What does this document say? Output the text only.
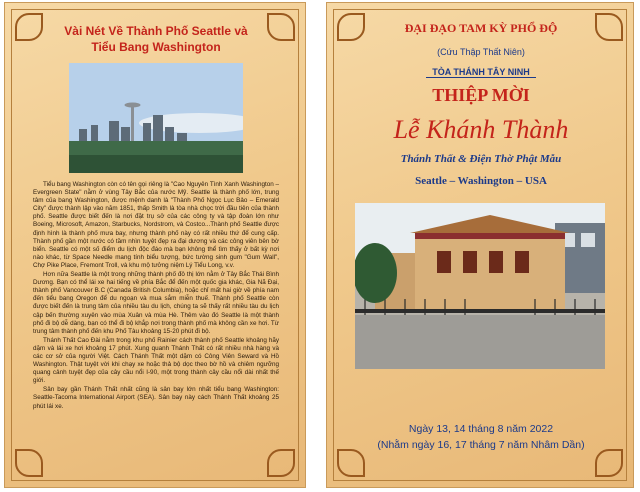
Vài Nét Về Thành Phố Seattle và
Tiểu Bang Washington

Tiểu bang Washington còn có tên gọi riêng là "Cao Nguyên Tình Xanh Washington – Evergreen State" nằm ở vùng Tây Bắc của nước Mỹ. Seattle là thành phố lớn, trung tâm của bang Washington, được mệnh danh là "Thành Phố Ngọc Lục Bảo – Emerald City" được thành lập vào năm 1851, thấp Smith là tòa nhà chọc trời đầu tiên của thành phố. Seattle được biết đến là nơi đặt trụ sở của các công ty và tập đoàn lớn như Boeing, Microsoft, Amazon, Starbucks, Nordstrom, và Costco...Thành phố Seattle được định hình là thành phố mưa bay, nhưng thành phố này có rất nhiều thứ để cung cấp. Thành phố gần một nước có tầm nhìn tuyệt đẹp ra đại dương và các công viên bên bờ biển. Seattle có một số điểm du lịch độc đáo mà bạn không thể tìm thấy ở bất kỳ nơi nào khác, từ Space Needle mang tính biểu tượng, bức tường sinh gum "Gum Wall", Chợ Pike Place, Fremont Troll, và khu mộ tưởng niệm Lý Tiểu Long, v.v.

Hơn nữa Seattle là một trong những thành phố đô thị lớn nằm ở Tây Bắc Thái Bình Dương. Bạn có thể lái xe hai tiếng về phía Bắc để đến một quốc gia khác, Gia Nã Đại, thành phố Vancouver B.C (Canada British Columbia), hoặc chỉ mất hai giờ về phía nam đến tiểu bang Oregon để du ngoạn và mua sắm miễn thuế. Thành phố Seattle còn được biết đến là trung tâm của nhiều tàu du lịch, chúng ta sẽ thấy rất nhiều tàu du lịch cập bến thường xuyên vào mùa Xuân và mùa Hè. Thêm vào đó Seattle là một thành phố đi bộ dễ dàng, bạn có thể đi bộ khắp nơi trong thành phố mà không cần xe hơi. Từ trung tâm thành phố đến khu Phố Tàu khoảng 15-20 phút đi bộ.

Thánh Thất Cao Đài nằm trong khu phố Rainier cách thành phố Seattle khoảng hãy dặm và lái xe hơi khoảng 17 phút. Xung quanh Thánh Thất có rất nhiều nhà hàng và các cơ sở của người Việt. Cách Thánh Thất một dặm có Công Viên Seward và Hồ Washington. Thật tuyệt vời khi chạy xe hoặc thả bộ dọc theo bờ hồ và chiêm ngưỡng quang cảnh tuyệt đẹp của cây cầu nổi I-90, một trong thành cây cầu nổi dài nhất thế giới.

Sân bay gần Thánh Thất nhất cũng là sân bay lớn nhất tiểu bang Washington: Seattle-Tacoma International Airport (SEA). Sân bay này cách Thánh Thất khoảng 25 phút lái xe.

ĐẠI ĐẠO TAM KỲ PHỔ ĐỘ
(Cứu Thập Thất Niên)
TÒA THÁNH TÂY NINH
THIỆP MỜI
Lễ Khánh Thành
Thánh Thất & Điện Thờ Phật Mẫu
Seattle – Washington – USA
Ngày 13, 14 tháng 8 năm 2022
(Nhằm ngày 16, 17 tháng 7 năm Nhâm Dần)
